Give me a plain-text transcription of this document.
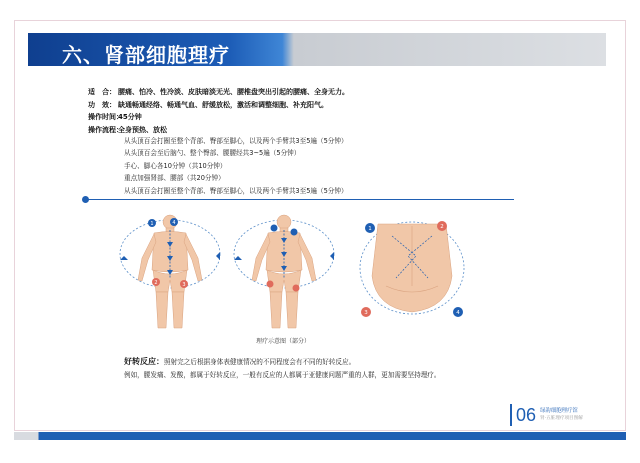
六、肾部细胞理疗
适　合： 腰痛、怕冷、性冷淡、皮肤暗淡无光、腰椎盘突出引起的腰痛、全身无力。
功　效： 缺通畅通经络、畅通气血、舒缓放松，激活和调整细胞、补充阳气。
操作时间：
45分钟
操作流程：
全身预热、放松
从头顶百会打圈至整个背部、臀部至脚心，以及两个手臂共3至5遍（5分钟）
从头顶百会至后脑勺、整个臀部、腰腰经共3~5遍（5分钟）
手心、脚心各10分钟（共10分钟）
重点加强肾部、腰部（共20分钟）
从头顶百会打圈至整个背部、臀部至脚心，以及两个手臂共3至5遍（5分钟）
1
2	3
4
1	2
3	4
理疗示意图（部分）
好转反应：照射完之后根据身体表健康情况的不同程度会有不同的好转反应。
例如，腰发痛、发酸，都属于好转反应，一般有反应的人都属于亚健康问题严重的人群，更加需要坚持理疗。
06 绿韵细胞理疗馆
肾·五脏理疗项目图解
